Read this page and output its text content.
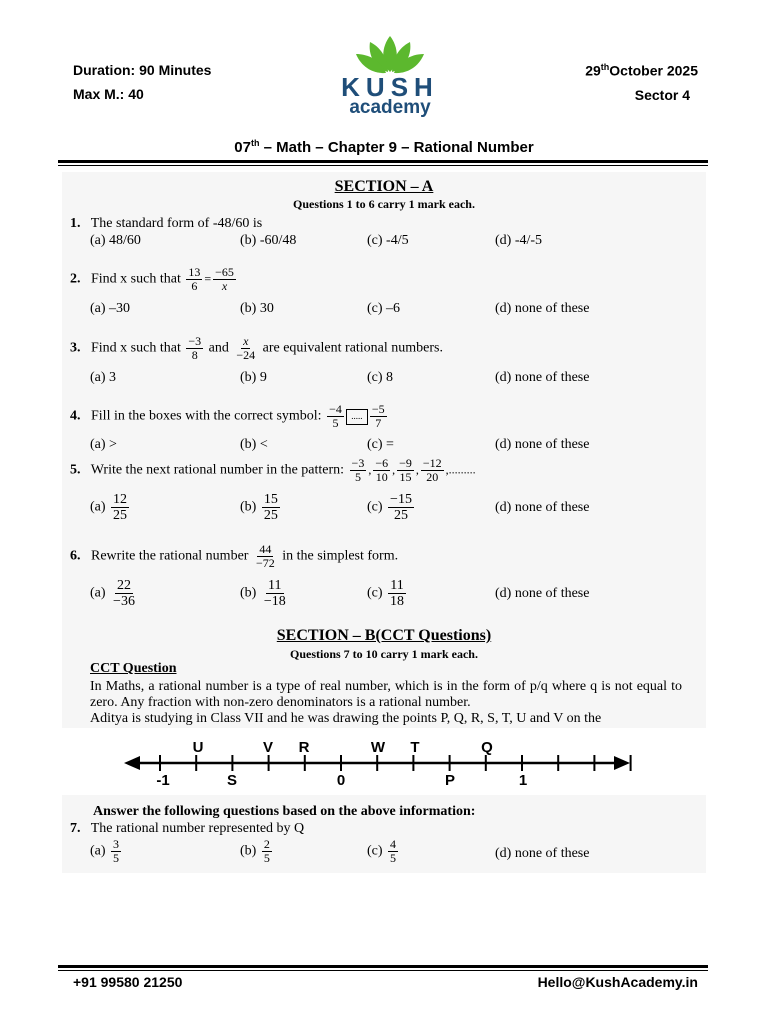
Duration: 90 Minutes
Max M.: 40
29thOctober 2025
Sector 4
KUSH
academy
07th – Math – Chapter 9 – Rational Number
SECTION – A
Questions 1 to 6 carry 1 mark each.
1. The standard form of -48/60 is
(a) 48/60	(b) -60/48	(c) -4/5	(d) -4/-5
2. Find x such that $\frac{13}{6} = \frac{-65}{x}$
(a) –30	(b) 30	(c) –6	(d) none of these
3. Find x such that $\frac{-3}{8}$ and $\frac{x}{-24}$ are equivalent rational numbers.
(a) 3	(b) 9	(c) 8	(d) none of these
4. Fill in the boxes with the correct symbol: $\frac{-4}{5}$ ..... $\frac{-5}{7}$
(a) >	(b) <	(c) =	(d) none of these
5. Write the next rational number in the pattern: $\frac{-3}{5}$ , $\frac{-6}{10}$ , $\frac{-9}{15}$ , $\frac{-12}{20}$ ,.........
$(a) \frac{12}{25}$	$(b) \frac{15}{25}$	$(c) \frac{-15}{25}$	(d) none of these
6. Rewrite the rational number $\frac{44}{-72}$ in the simplest form.
$(a) \frac{22}{-36}$	$(b) \frac{11}{-18}$	$(c) \frac{11}{18}$	(d) none of these
SECTION – B(CCT Questions)
Questions 7 to 10 carry 1 mark each.
CCT Question
In Maths, a rational number is a type of real number, which is in the form of p/q where q is not equal to zero. Any fraction with non-zero denominators is a rational number.
Aditya is studying in Class VII and he was drawing the points P, Q, R, S, T, U and V on the
U	V R	W T	Q
-1	S	0	P	1
Answer the following questions based on the above information:
7. The rational number represented by Q
$(a) \frac{3}{5}$	$(b) \frac{2}{5}$	$(c) \frac{4}{5}$	(d) none of these
+91 99580 21250	Hello@KushAcademy.in
